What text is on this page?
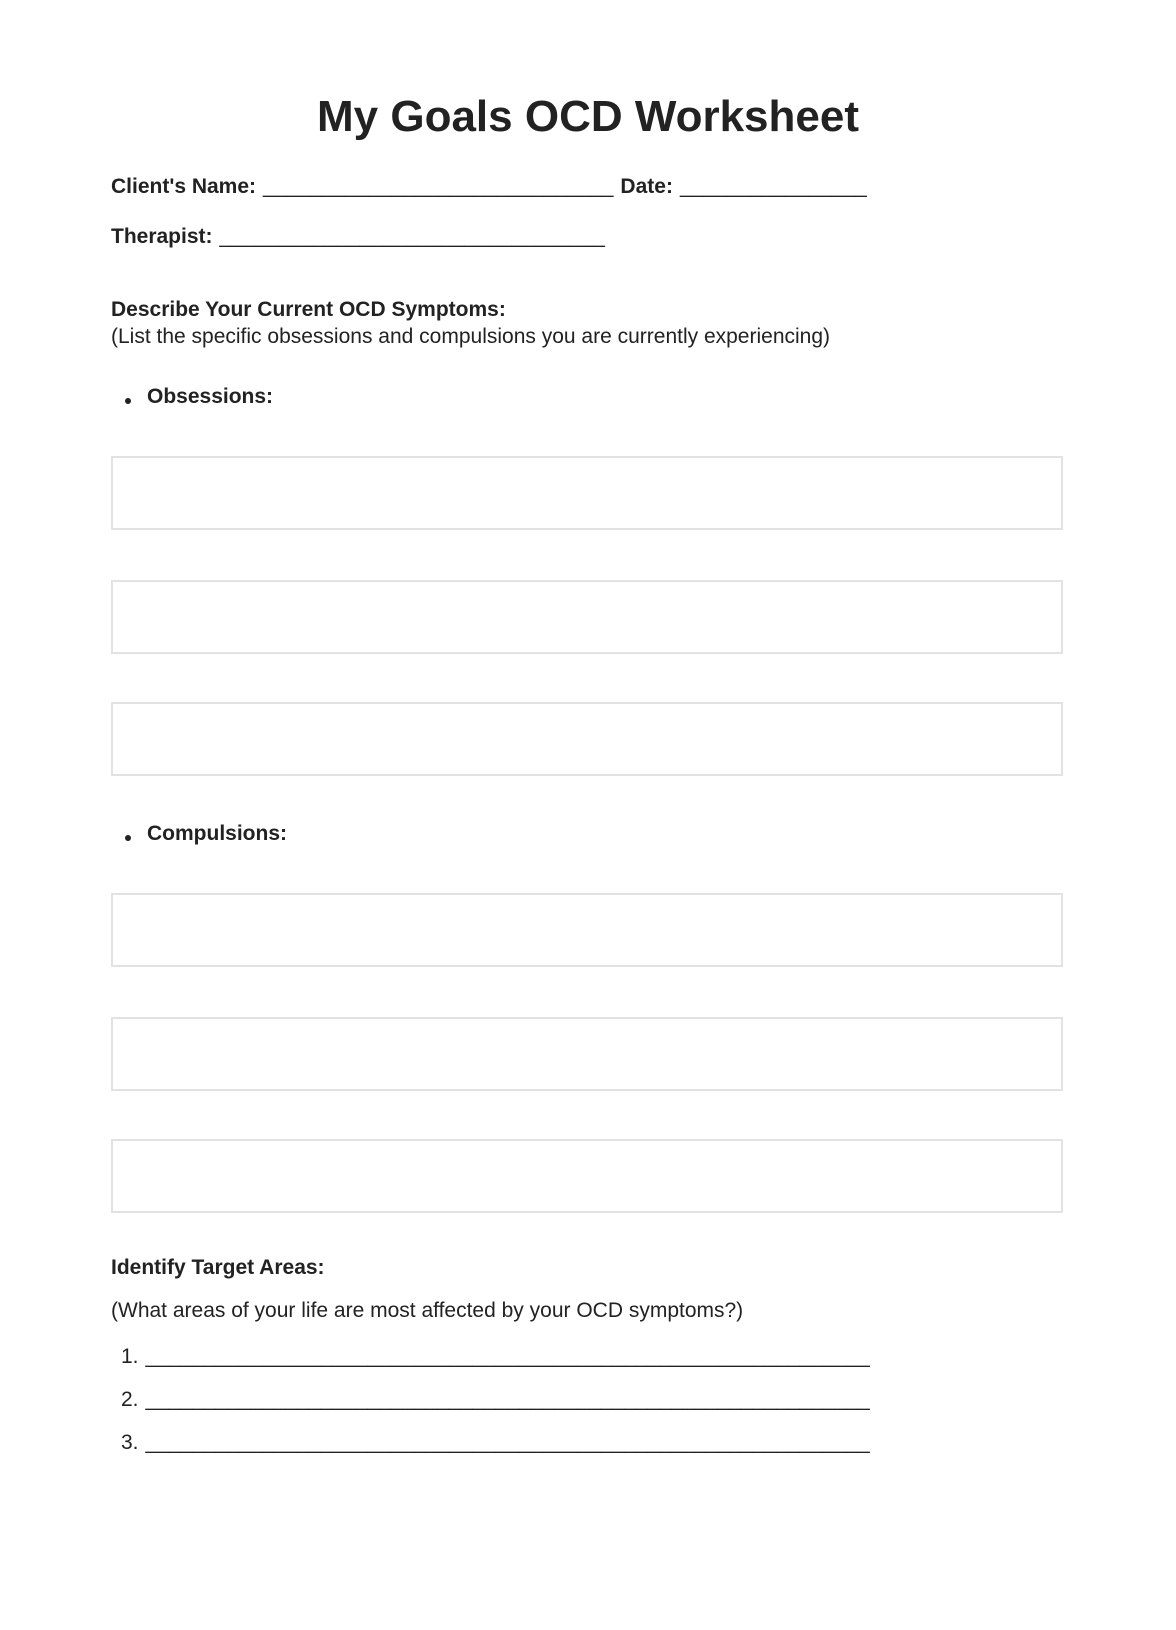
My Goals OCD Worksheet
Client's Name: ______________________________ Date: ________________
Therapist: ______________________________ ___
Describe Your Current OCD Symptoms:
(List the specific obsessions and compulsions you are currently experiencing)
Obsessions:
Compulsions:
Identify Target Areas:
(What areas of your life are most affected by your OCD symptoms?)
1. ______________________________________________________________
2. ______________________________________________________________
3. ______________________________________________________________
